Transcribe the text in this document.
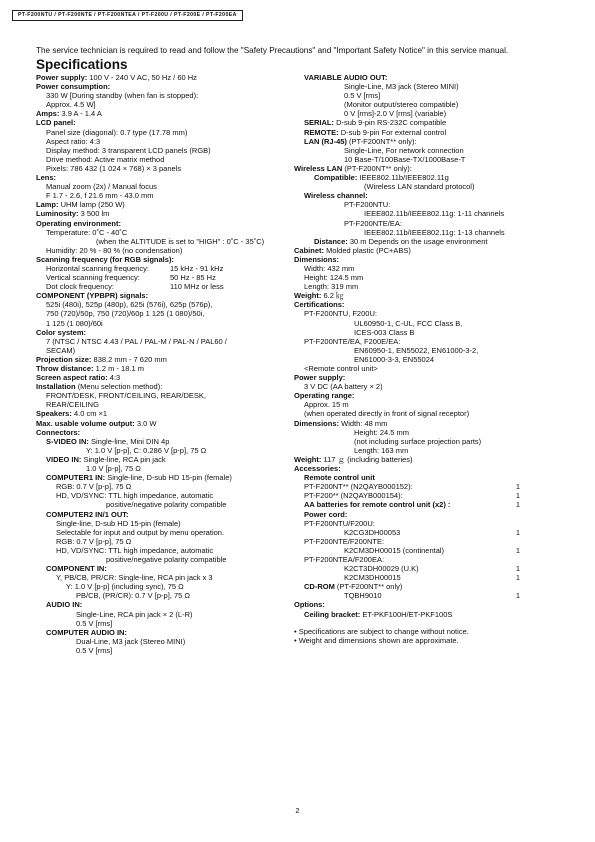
PT-F200NTU / PT-F200NTE / PT-F200NTEA / PT-F200U / PT-F200E / PT-F200EA
The service technician is required to read and follow the "Safety Precautions" and "Important Safety Notice" in this service manual.
Specifications
Power supply: 100 V - 240 V AC, 50 Hz / 60 Hz
Power consumption:
330 W [During standby (when fan is stopped):
Approx. 4.5 W]
Amps: 3.9 A - 1.4 A
LCD panel:
Panel size (diagonal): 0.7 type (17.78 mm)
Aspect ratio: 4:3
Display method: 3 transparent LCD panels (RGB)
Drive method: Active matrix method
Pixels: 786 432 (1 024 × 768) × 3 panels
Lens:
Manual zoom (2x) / Manual focus
F 1.7 - 2.6, f 21.6 mm - 43.0 mm
Lamp: UHM lamp (250 W)
Luminosity: 3 500 lm
Operating environment:
Temperature: 0˚C - 40˚C
(when the ALTITUDE is set to "HIGH" : 0˚C - 35˚C)
Humidity: 20 % - 80 % (no condensation)
Scanning frequency (for RGB signals):
Horizontal scanning frequency:	15 kHz - 91 kHz
Vertical scanning frequency:	50 Hz - 85 Hz
Dot clock frequency:	110 MHz or less
COMPONENT (YPBPR) signals:
525i (480i), 525p (480p), 625i (576i), 625p (576p),
750 (720)/50p, 750 (720)/60p 1 125 (1 080)/50i,
1 125 (1 080)/60i
Color system:
7 (NTSC / NTSC 4.43 / PAL / PAL-M / PAL-N / PAL60 /
SECAM)
Projection size: 838.2 mm - 7 620 mm
Throw distance: 1.2 m - 18.1 m
Screen aspect ratio: 4:3
Installation (Menu selection method):
FRONT/DESK, FRONT/CEILING, REAR/DESK,
REAR/CEILING
Speakers: 4.0 cm ×1
Max. usable volume output: 3.0 W
Connectors:
S-VIDEO IN: Single-line, Mini DIN 4p
Y: 1.0 V [p-p], C: 0.286 V [p-p], 75 Ω
VIDEO IN: Single-line, RCA pin jack
1.0 V [p-p], 75 Ω
COMPUTER1 IN: Single-line, D-sub HD 15-pin (female)
RGB: 0.7 V [p-p], 75 Ω
HD, VD/SYNC: TTL high impedance, automatic
positive/negative polarity compatible
COMPUTER2 IN/1 OUT:
Single-line, D-sub HD 15-pin (female)
Selectable for input and output by menu operation.
RGB: 0.7 V [p-p], 75 Ω
HD, VD/SYNC: TTL high impedance, automatic
positive/negative polarity compatible
COMPONENT IN:
Y, PB/CB, PR/CR: Single-line, RCA pin jack x 3
Y: 1.0 V [p-p] (including sync), 75 Ω
PB/CB, (PR/CR): 0.7 V [p-p], 75 Ω
AUDIO IN:
Single-Line, RCA pin jack × 2 (L-R)
0.5 V [rms]
COMPUTER AUDIO IN:
Dual-Line, M3 jack (Stereo MINI)
0.5 V [rms]
VARIABLE AUDIO OUT:
Single-Line, M3 jack (Stereo MINI)
0.5 V [rms]
(Monitor output/stereo compatible)
0 V [rms]-2.0 V [rms] (variable)
SERIAL: D-sub 9-pin RS-232C compatible
REMOTE: D-sub 9-pin For external control
LAN (RJ-45) (PT-F200NT** only):
Single-Line, For network connection
10 Base-T/100Base-TX/1000Base-T
Wireless LAN (PT-F200NT** only):
Compatible: IEEE802.11b/IEEE802.11g
(Wireless LAN standard protocol)
Wireless channel:
PT-F200NTU:
IEEE802.11b/IEEE802.11g: 1-11 channels
PT-F200NTE/EA:
IEEE802.11b/IEEE802.11g: 1-13 channels
Distance: 30 m Depends on the usage environment
Cabinet: Molded plastic (PC+ABS)
Dimensions:
Width: 432 mm
Height: 124.5 mm
Length: 319 mm
Weight: 6.2 ㎏
Certifications:
PT-F200NTU, F200U:
UL60950-1, C-UL, FCC Class B,
ICES-003 Class B
PT-F200NTE/EA, F200E/EA:
EN60950-1, EN55022, EN61000-3-2,
EN61000-3-3, EN55024
<Remote control unit>
Power supply:
3 V DC (AA battery × 2)
Operating range:
Approx. 15 m
(when operated directly in front of signal receptor)
Dimensions: Width: 48 mm
Height: 24.5 mm
(not including surface projection parts)
Length: 163 mm
Weight: 117 ｇ (including batteries)
Accessories:
Remote control unit
PT-F200NT** (N2QAYB000152):	1
PT-F200** (N2QAYB000154):	1
AA batteries for remote control unit (x2) :	1
Power cord:
PT-F200NTU/F200U:
K2CG3DH00053	1
PT-F200NTE/F200NTE:
K2CM3DH00015 (continental)	1
PT-F200NTEA/F200EA:
K2CT3DH00029 (U.K)	1
K2CM3DH00015	1
CD-ROM (PT-F200NT** only)
TQBH9010	1
Options:
Ceiling bracket: ET-PKF100H/ET-PKF100S
• Specifications are subject to change without notice.
• Weight and dimensions shown are approximate.
2
